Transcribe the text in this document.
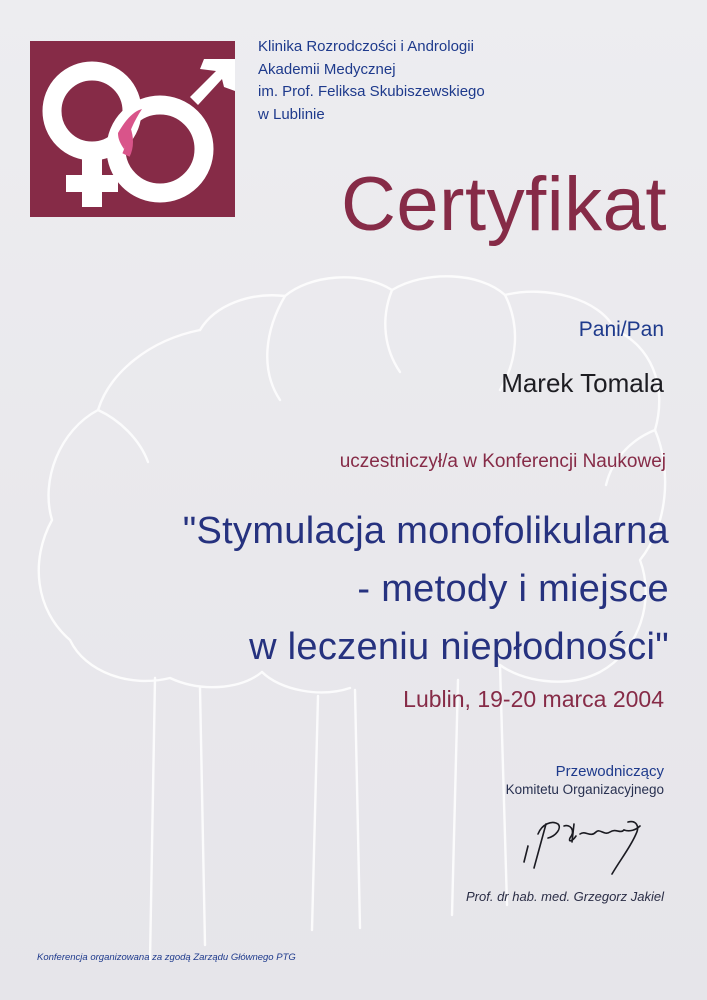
Klinika Rozrodczości i Andrologii
Akademii Medycznej
im. Prof. Feliksa Skubiszewskiego
w Lublinie
Certyfikat
Pani/Pan
Marek Tomala
uczestniczył/a w Konferencji Naukowej
"Stymulacja monofolikularna
- metody i miejsce
w leczeniu niepłodności"
Lublin, 19-20 marca 2004
Przewodniczący
Komitetu Organizacyjnego
Prof. dr hab. med. Grzegorz Jakiel
Konferencja organizowana za zgodą Zarządu Głównego PTG
